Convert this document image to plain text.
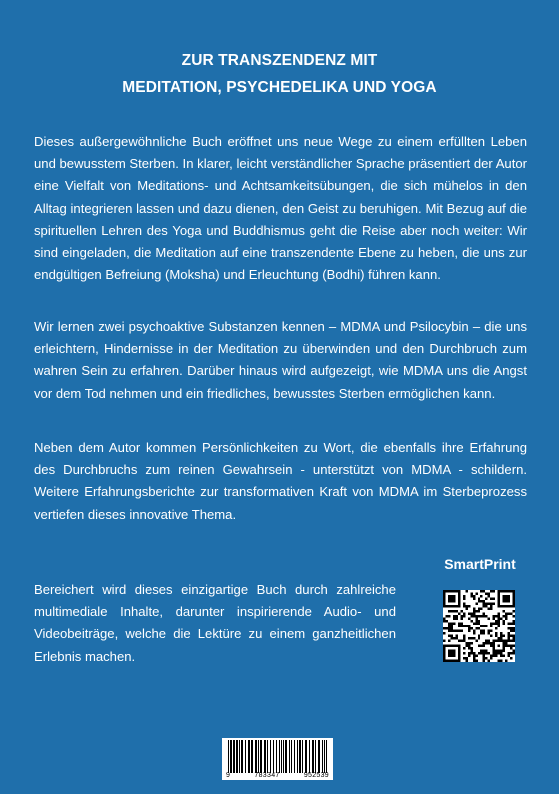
ZUR TRANSZENDENZ MIT
MEDITATION, PSYCHEDELIKA UND YOGA
Dieses außergewöhnliche Buch eröffnet uns neue Wege zu einem erfüllten Leben und bewusstem Sterben. In klarer, leicht verständlicher Sprache präsentiert der Autor eine Vielfalt von Meditations- und Achtsamkeitsübungen, die sich mühelos in den Alltag integrieren lassen und dazu dienen, den Geist zu beruhigen. Mit Bezug auf die spirituellen Lehren des Yoga und Buddhismus geht die Reise aber noch weiter: Wir sind eingeladen, die Meditation auf eine transzendente Ebene zu heben, die uns zur endgültigen Befreiung (Moksha) und Erleuchtung (Bodhi) führen kann.
Wir lernen zwei psychoaktive Substanzen kennen – MDMA und Psilocybin – die uns erleichtern, Hindernisse in der Meditation zu überwinden und den Durchbruch zum wahren Sein zu erfahren. Darüber hinaus wird aufgezeigt, wie MDMA uns die Angst vor dem Tod nehmen und ein friedliches, bewusstes Sterben ermöglichen kann.
Neben dem Autor kommen Persönlichkeiten zu Wort, die ebenfalls ihre Erfahrung des Durchbruchs zum reinen Gewahrsein - unterstützt von MDMA - schildern. Weitere Erfahrungsberichte zur transformativen Kraft von MDMA im Sterbeprozess vertiefen dieses innovative Thema.
Bereichert wird dieses einzigartige Buch durch zahlreiche multimediale Inhalte, darunter inspirierende Audio- und Videobeiträge, welche die Lektüre zu einem ganzheitlichen Erlebnis machen.
SmartPrint
9	783347	952539
